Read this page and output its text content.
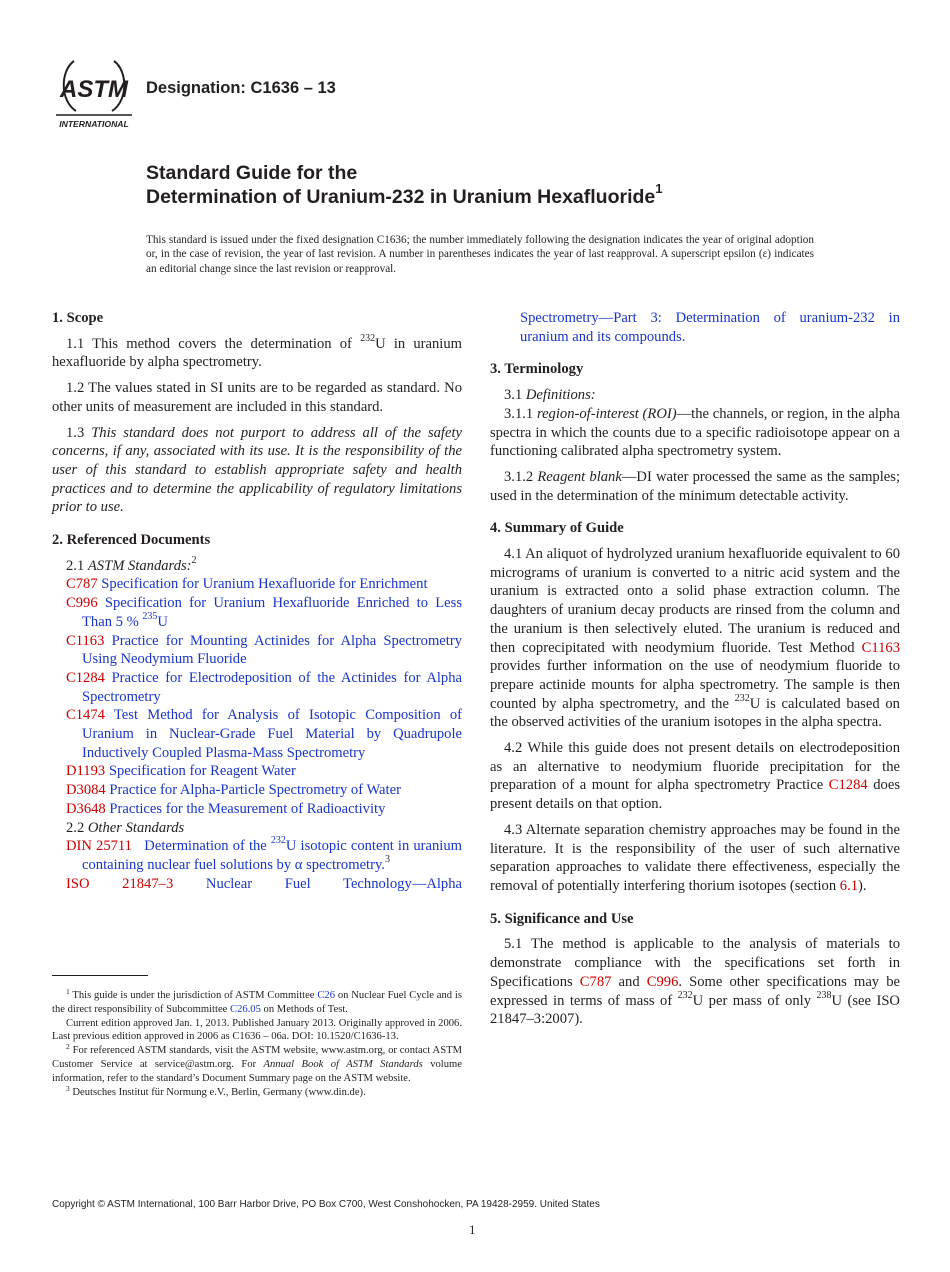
ASTM
INTERNATIONAL
Designation: C1636 – 13
Standard Guide for the
Determination of Uranium-232 in Uranium Hexafluoride$^1$
This standard is issued under the fixed designation C1636; the number immediately following the designation indicates the year of original adoption or, in the case of revision, the year of last revision. A number in parentheses indicates the year of last reapproval. A superscript epsilon (ε) indicates an editorial change since the last revision or reapproval.
1. Scope

1.1 This method covers the determination of $^{232}$U in uranium hexafluoride by alpha spectrometry.

1.2 The values stated in SI units are to be regarded as standard. No other units of measurement are included in this standard.

1.3 This standard does not purport to address all of the safety concerns, if any, associated with its use. It is the responsibility of the user of this standard to establish appropriate safety and health practices and to determine the applicability of regulatory limitations prior to use.

2. Referenced Documents

2.1 ASTM Standards:$^2$

C787 Specification for Uranium Hexafluoride for Enrichment

C996 Specification for Uranium Hexafluoride Enriched to Less Than 5 % $^{235}$U

C1163 Practice for Mounting Actinides for Alpha Spectrometry Using Neodymium Fluoride

C1284 Practice for Electrodeposition of the Actinides for Alpha Spectrometry

C1474 Test Method for Analysis of Isotopic Composition of Uranium in Nuclear-Grade Fuel Material by Quadrupole Inductively Coupled Plasma-Mass Spectrometry

D1193 Specification for Reagent Water

D3084 Practice for Alpha-Particle Spectrometry of Water

D3648 Practices for the Measurement of Radioactivity

2.2 Other Standards

DIN 25711 Determination of the $^{232}$U isotopic content in uranium containing nuclear fuel solutions by α spectrometry.$^3$

ISO 21847–3 Nuclear Fuel Technology—Alpha

$^1$ This guide is under the jurisdiction of ASTM Committee C26 on Nuclear Fuel Cycle and is the direct responsibility of Subcommittee C26.05 on Methods of Test.

Current edition approved Jan. 1, 2013. Published January 2013. Originally approved in 2006. Last previous edition approved in 2006 as C1636 – 06a. DOI: 10.1520/C1636-13.

$^2$ For referenced ASTM standards, visit the ASTM website, www.astm.org, or contact ASTM Customer Service at service@astm.org. For Annual Book of ASTM Standards volume information, refer to the standard’s Document Summary page on the ASTM website.

$^3$ Deutsches Institut für Normung e.V., Berlin, Germany (www.din.de).

Spectrometry—Part 3: Determination of uranium-232 in uranium and its compounds.

3. Terminology

3.1 Definitions:

3.1.1 region-of-interest (ROI)—the channels, or region, in the alpha spectra in which the counts due to a specific radioisotope appear on a functioning calibrated alpha spectrometry system.

3.1.2 Reagent blank—DI water processed the same as the samples; used in the determination of the minimum detectable activity.

4. Summary of Guide

4.1 An aliquot of hydrolyzed uranium hexafluoride equivalent to 60 micrograms of uranium is converted to a nitric acid system and the uranium is extracted onto a solid phase extraction column. The daughters of uranium decay products are rinsed from the column and the uranium is then selectively eluted. The uranium is reduced and then coprecipitated with neodymium fluoride. Test Method C1163 provides further information on the use of neodymium fluoride to prepare actinide mounts for alpha spectrometry. The sample is then counted by alpha spectrometry, and the $^{232}$U is calculated based on the observed activities of the uranium isotopes in the alpha spectra.

4.2 While this guide does not present details on electrodeposition as an alternative to neodymium fluoride precipitation for the preparation of a mount for alpha spectrometry Practice C1284 does present details on that option.

4.3 Alternate separation chemistry approaches may be found in the literature. It is the responsibility of the user of such alternative separation approaches to validate there effectiveness, especially the removal of potentially interfering thorium isotopes (section 6.1).

5. Significance and Use

5.1 The method is applicable to the analysis of materials to demonstrate compliance with the specifications set forth in Specifications C787 and C996. Some other specifications may be expressed in terms of mass of $^{232}$U per mass of only $^{238}$U (see ISO 21847–3:2007).

Copyright © ASTM International, 100 Barr Harbor Drive, PO Box C700, West Conshohocken, PA 19428-2959. United States
1
